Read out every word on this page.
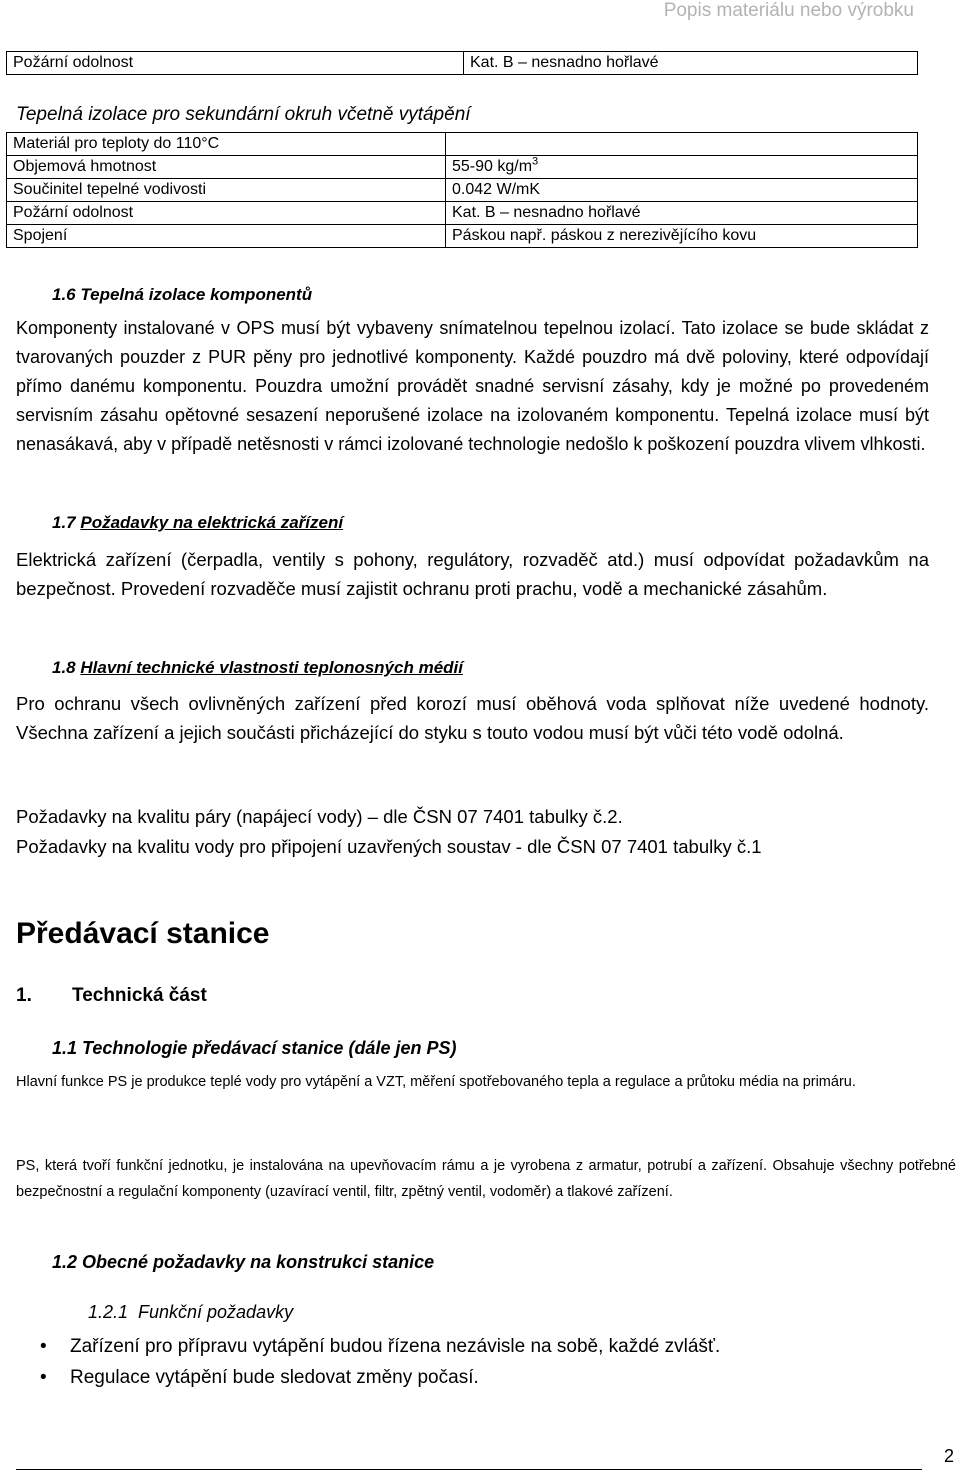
Popis materiálu nebo výrobku
Požární odolnost	Kat. B – nesnadno hořlavé
Tepelná izolace pro sekundární okruh včetně vytápění
Materiál pro teploty do 110°C	
Objemová hmotnost	55-90 $kg/m^3$
Součinitel tepelné vodivosti	0.042 W/mK
Požární odolnost	Kat. B – nesnadno hořlavé
Spojení	Páskou např. páskou z nerezivějícího kovu
1.6 Tepelná izolace komponentů
Komponenty instalované v OPS musí být vybaveny snímatelnou tepelnou izolací. Tato izolace se bude skládat z tvarovaných pouzder z PUR pěny pro jednotlivé komponenty. Každé pouzdro má dvě poloviny, které odpovídají přímo danému komponentu. Pouzdra umožní provádět snadné servisní zásahy, kdy je možné po provedeném servisním zásahu opětovné sesazení neporušené izolace na izolovaném komponentu. Tepelná izolace musí být nenasákavá, aby v případě netěsnosti v rámci izolované technologie nedošlo k poškození pouzdra vlivem vlhkosti.
1.7 Požadavky na elektrická zařízení
Elektrická zařízení (čerpadla, ventily s pohony, regulátory, rozvaděč atd.) musí odpovídat požadavkům na bezpečnost. Provedení rozvaděče musí zajistit ochranu proti prachu, vodě a mechanické zásahům.
1.8 Hlavní technické vlastnosti teplonosných médií
Pro ochranu všech ovlivněných zařízení před korozí musí oběhová voda splňovat níže uvedené hodnoty. Všechna zařízení a jejich součásti přicházející do styku s touto vodou musí být vůči této vodě odolná.
Požadavky na kvalitu páry (napájecí vody) – dle ČSN 07 7401 tabulky č.2.
Požadavky na kvalitu vody pro připojení uzavřených soustav - dle ČSN 07 7401 tabulky č.1
Předávací stanice
1. Technická část
1.1 Technologie předávací stanice (dále jen PS)
Hlavní funkce PS je produkce teplé vody pro vytápění a VZT, měření spotřebovaného tepla a regulace a průtoku média na primáru.
PS, která tvoří funkční jednotku, je instalována na upevňovacím rámu a je vyrobena z armatur, potrubí a zařízení. Obsahuje všechny potřebné bezpečnostní a regulační komponenty (uzavírací ventil, filtr, zpětný ventil, vodoměr) a tlakové zařízení.
1.2 Obecné požadavky na konstrukci stanice
1.2.1 Funkční požadavky
• Zařízení pro přípravu vytápění budou řízena nezávisle na sobě, každé zvlášť.
• Regulace vytápění bude sledovat změny počasí.
2
